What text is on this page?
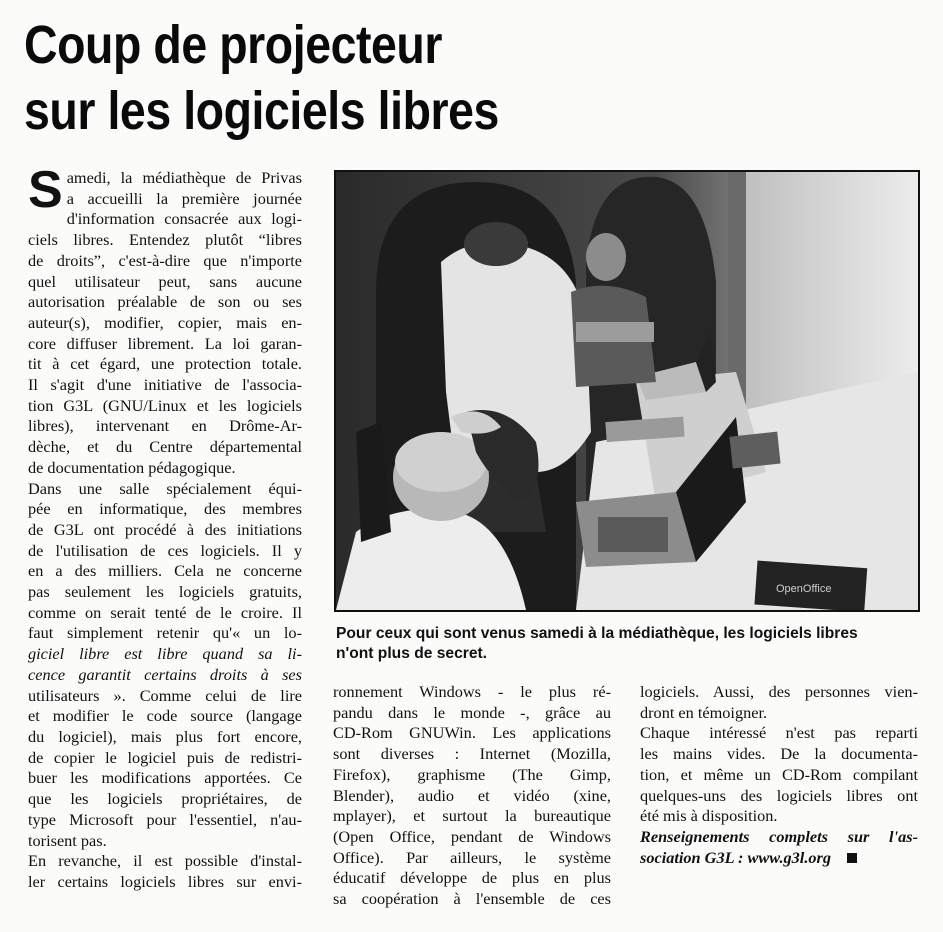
Coup de projecteur
sur les logiciels libres
S amedi, la médiathèque de Privas
a accueilli la première journée
d'information consacrée aux logi-
ciels libres. Entendez plutôt “libres
de droits”, c'est-à-dire que n'importe
quel utilisateur peut, sans aucune
autorisation préalable de son ou ses
auteur(s), modifier, copier, mais en-
core diffuser librement. La loi garan-
tit à cet égard, une protection totale.
Il s'agit d'une initiative de l'associa-
tion G3L (GNU/Linux et les logiciels
libres), intervenant en Drôme-Ar-
dèche, et du Centre départemental
de documentation pédagogique.
Dans une salle spécialement équi-
pée en informatique, des membres
de G3L ont procédé à des initiations
de l'utilisation de ces logiciels. Il y
en a des milliers. Cela ne concerne
pas seulement les logiciels gratuits,
comme on serait tenté de le croire. Il
faut simplement retenir qu'« un lo-
giciel libre est libre quand sa li-
cence garantit certains droits à ses
utilisateurs ». Comme celui de lire
et modifier le code source (langage
du logiciel), mais plus fort encore,
de copier le logiciel puis de redistri-
buer les modifications apportées. Ce
que les logiciels propriétaires, de
type Microsoft pour l'essentiel, n'au-
torisent pas.
En revanche, il est possible d'instal-
ler certains logiciels libres sur envi-
OpenOffice
Pour ceux qui sont venus samedi à la médiathèque, les logiciels libres
n'ont plus de secret.
ronnement Windows - le plus ré-
pandu dans le monde -, grâce au
CD-Rom GNUWin. Les applications
sont diverses : Internet (Mozilla,
Firefox), graphisme (The Gimp,
Blender), audio et vidéo (xine,
mplayer), et surtout la bureautique
(Open Office, pendant de Windows
Office). Par ailleurs, le système
éducatif développe de plus en plus
sa coopération à l'ensemble de ces
logiciels. Aussi, des personnes vien-
dront en témoigner.
Chaque intéressé n'est pas reparti
les mains vides. De la documenta-
tion, et même un CD-Rom compilant
quelques-uns des logiciels libres ont
été mis à disposition.
Renseignements complets sur l'as-
sociation G3L : www.g3l.org
